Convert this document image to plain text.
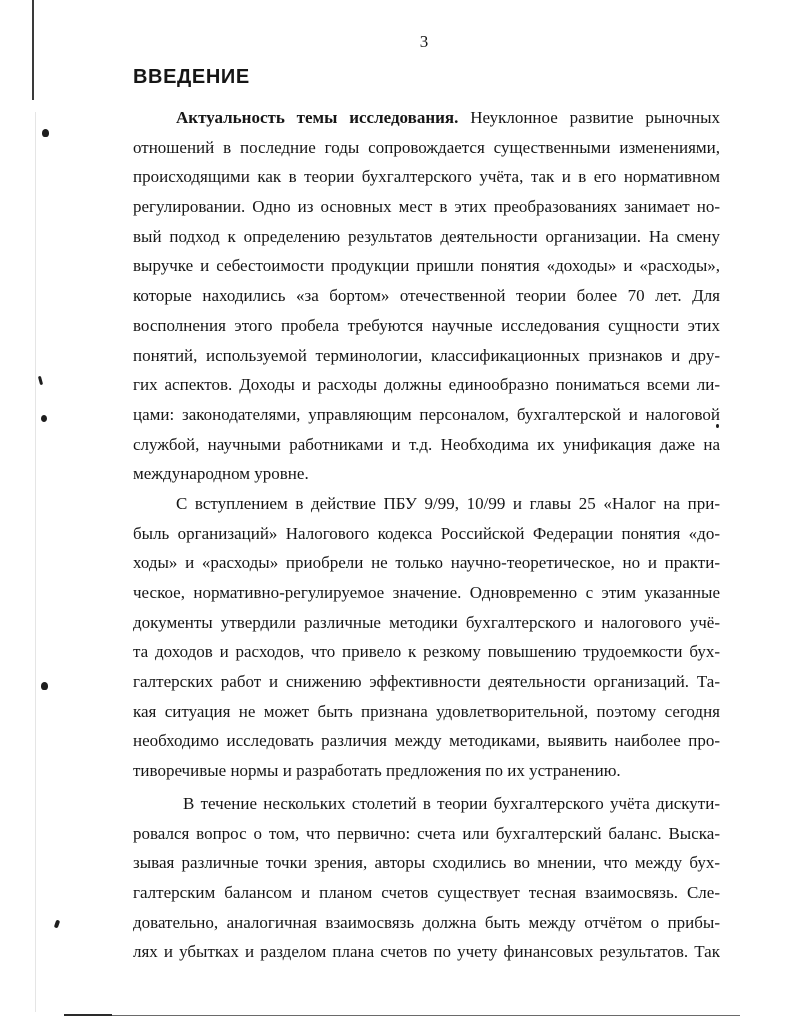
3
ВВЕДЕНИЕ
Актуальность темы исследования. Неуклонное развитие рыночных
отношений в последние годы сопровождается существенными изменениями,
происходящими как в теории бухгалтерского учёта, так и в его нормативном
регулировании. Одно из основных мест в этих преобразованиях занимает но-
вый подход к определению результатов деятельности организации. На смену
выручке и себестоимости продукции пришли понятия «доходы» и «расходы»,
которые находились «за бортом» отечественной теории более 70 лет. Для
восполнения этого пробела требуются научные исследования сущности этих
понятий, используемой терминологии, классификационных признаков и дру-
гих аспектов. Доходы и расходы должны единообразно пониматься всеми ли-
цами: законодателями, управляющим персоналом, бухгалтерской и налоговой
службой, научными работниками и т.д. Необходима их унификация даже на
международном уровне.
С вступлением в действие ПБУ 9/99, 10/99 и главы 25 «Налог на при-
быль организаций» Налогового кодекса Российской Федерации понятия «до-
ходы» и «расходы» приобрели не только научно-теоретическое, но и практи-
ческое, нормативно-регулируемое значение. Одновременно с этим указанные
документы утвердили различные методики бухгалтерского и налогового учё-
та доходов и расходов, что привело к резкому повышению трудоемкости бух-
галтерских работ и снижению эффективности деятельности организаций. Та-
кая ситуация не может быть признана удовлетворительной, поэтому сегодня
необходимо исследовать различия между методиками, выявить наиболее про-
тиворечивые нормы и разработать предложения по их устранению.
В течение нескольких столетий в теории бухгалтерского учёта дискути-
ровался вопрос о том, что первично: счета или бухгалтерский баланс. Выска-
зывая различные точки зрения, авторы сходились во мнении, что между бух-
галтерским балансом и планом счетов существует тесная взаимосвязь. Сле-
довательно, аналогичная взаимосвязь должна быть между отчётом о прибы-
лях и убытках и разделом плана счетов по учету финансовых результатов. Так
